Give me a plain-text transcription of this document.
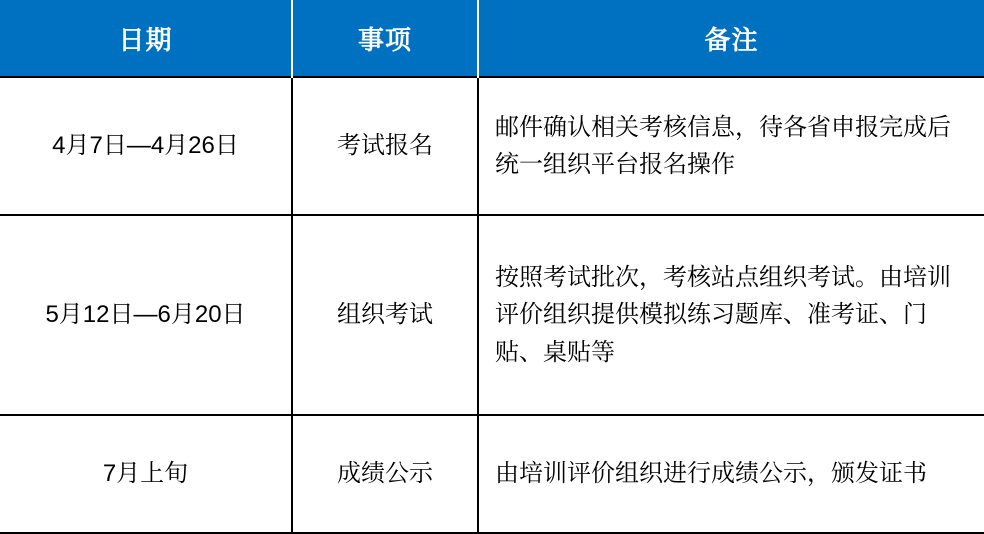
日期	事项	备注
4月7日—4月26日	考试报名	邮件确认相关考核信息，待各省申报完成后统一组织平台报名操作
5月12日—6月20日	组织考试	按照考试批次，考核站点组织考试。由培训评价组织提供模拟练习题库、准考证、门贴、桌贴等
7月上旬	成绩公示	由培训评价组织进行成绩公示，颁发证书
